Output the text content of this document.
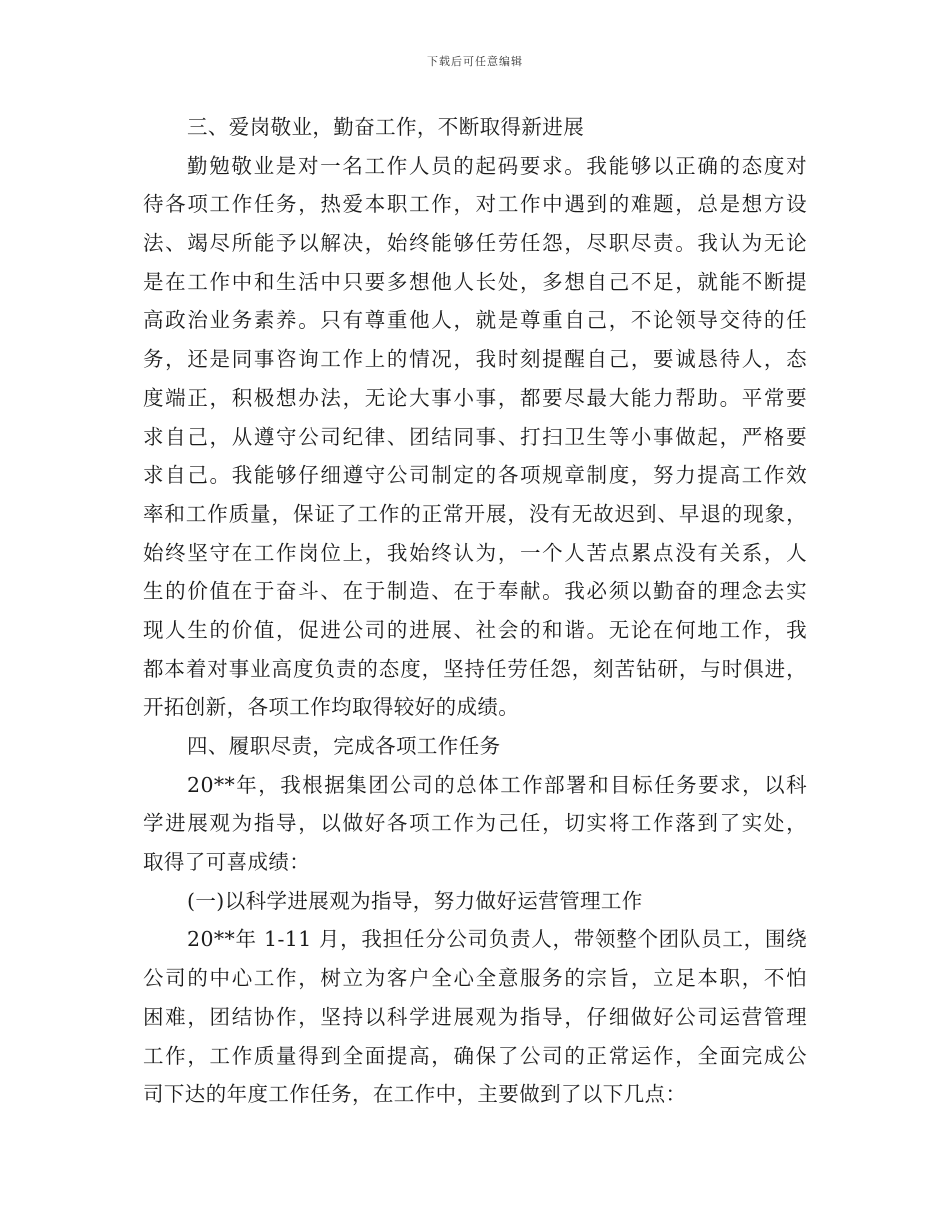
下载后可任意编辑
三、爱岗敬业，勤奋工作，不断取得新进展
勤勉敬业是对一名工作人员的起码要求。我能够以正确的态度对
待各项工作任务，热爱本职工作，对工作中遇到的难题，总是想方设
法、竭尽所能予以解决，始终能够任劳任怨，尽职尽责。我认为无论
是在工作中和生活中只要多想他人长处，多想自己不足，就能不断提
高政治业务素养。只有尊重他人，就是尊重自己，不论领导交待的任
务，还是同事咨询工作上的情况，我时刻提醒自己，要诚恳待人，态
度端正，积极想办法，无论大事小事，都要尽最大能力帮助。平常要
求自己，从遵守公司纪律、团结同事、打扫卫生等小事做起，严格要
求自己。我能够仔细遵守公司制定的各项规章制度，努力提高工作效
率和工作质量，保证了工作的正常开展，没有无故迟到、早退的现象，
始终坚守在工作岗位上，我始终认为，一个人苦点累点没有关系，人
生的价值在于奋斗、在于制造、在于奉献。我必须以勤奋的理念去实
现人生的价值，促进公司的进展、社会的和谐。无论在何地工作，我
都本着对事业高度负责的态度，坚持任劳任怨，刻苦钻研，与时俱进，
开拓创新，各项工作均取得较好的成绩。
四、履职尽责，完成各项工作任务
20**年，我根据集团公司的总体工作部署和目标任务要求，以科
学进展观为指导，以做好各项工作为己任，切实将工作落到了实处，
取得了可喜成绩：
(一)以科学进展观为指导，努力做好运营管理工作
20**年 1-11 月，我担任分公司负责人，带领整个团队员工，围绕
公司的中心工作，树立为客户全心全意服务的宗旨，立足本职，不怕
困难，团结协作，坚持以科学进展观为指导，仔细做好公司运营管理
工作，工作质量得到全面提高，确保了公司的正常运作，全面完成公
司下达的年度工作任务，在工作中，主要做到了以下几点：
